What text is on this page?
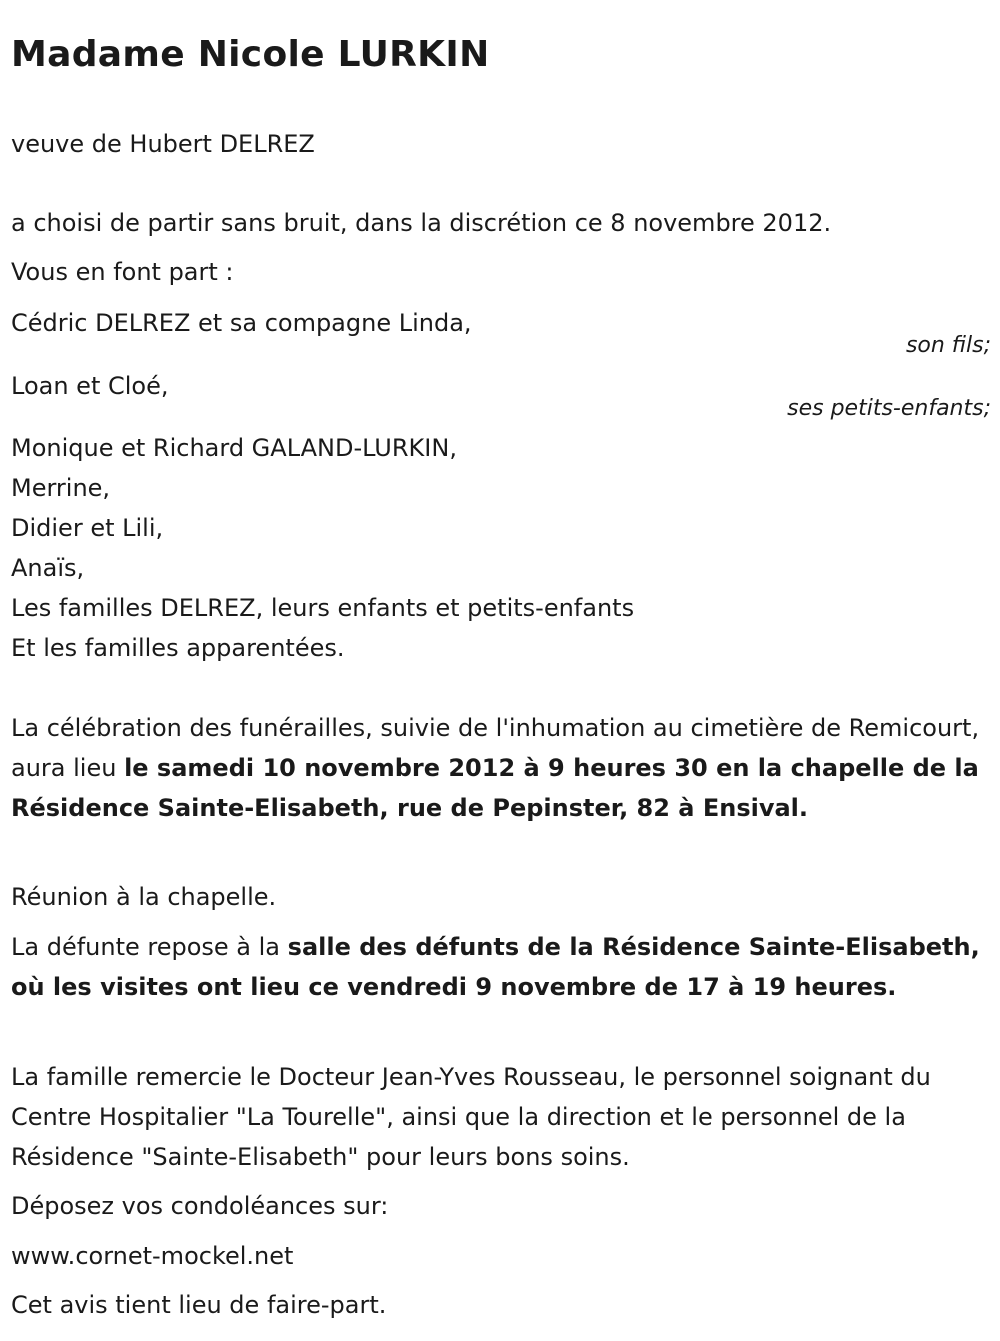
Madame Nicole LURKIN
veuve de Hubert DELREZ
a choisi de partir sans bruit, dans la discrétion ce 8 novembre 2012.
Vous en font part :
Cédric DELREZ et sa compagne Linda,
son fils;
Loan et Cloé,
ses petits-enfants;
Monique et Richard GALAND-LURKIN,
Merrine,
Didier et Lili,
Anaïs,
Les familles DELREZ, leurs enfants et petits-enfants
Et les familles apparentées.
La célébration des funérailles, suivie de l'inhumation au cimetière de Remicourt, aura lieu le samedi 10 novembre 2012 à 9 heures 30 en la chapelle de la Résidence Sainte-Elisabeth, rue de Pepinster, 82 à Ensival.
Réunion à la chapelle.
La défunte repose à la salle des défunts de la Résidence Sainte-Elisabeth, où les visites ont lieu ce vendredi 9 novembre de 17 à 19 heures.
La famille remercie le Docteur Jean-Yves Rousseau, le personnel soignant du Centre Hospitalier "La Tourelle", ainsi que la direction et le personnel de la Résidence "Sainte-Elisabeth" pour leurs bons soins.
Déposez vos condoléances sur:
www.cornet-mockel.net
Cet avis tient lieu de faire-part.
